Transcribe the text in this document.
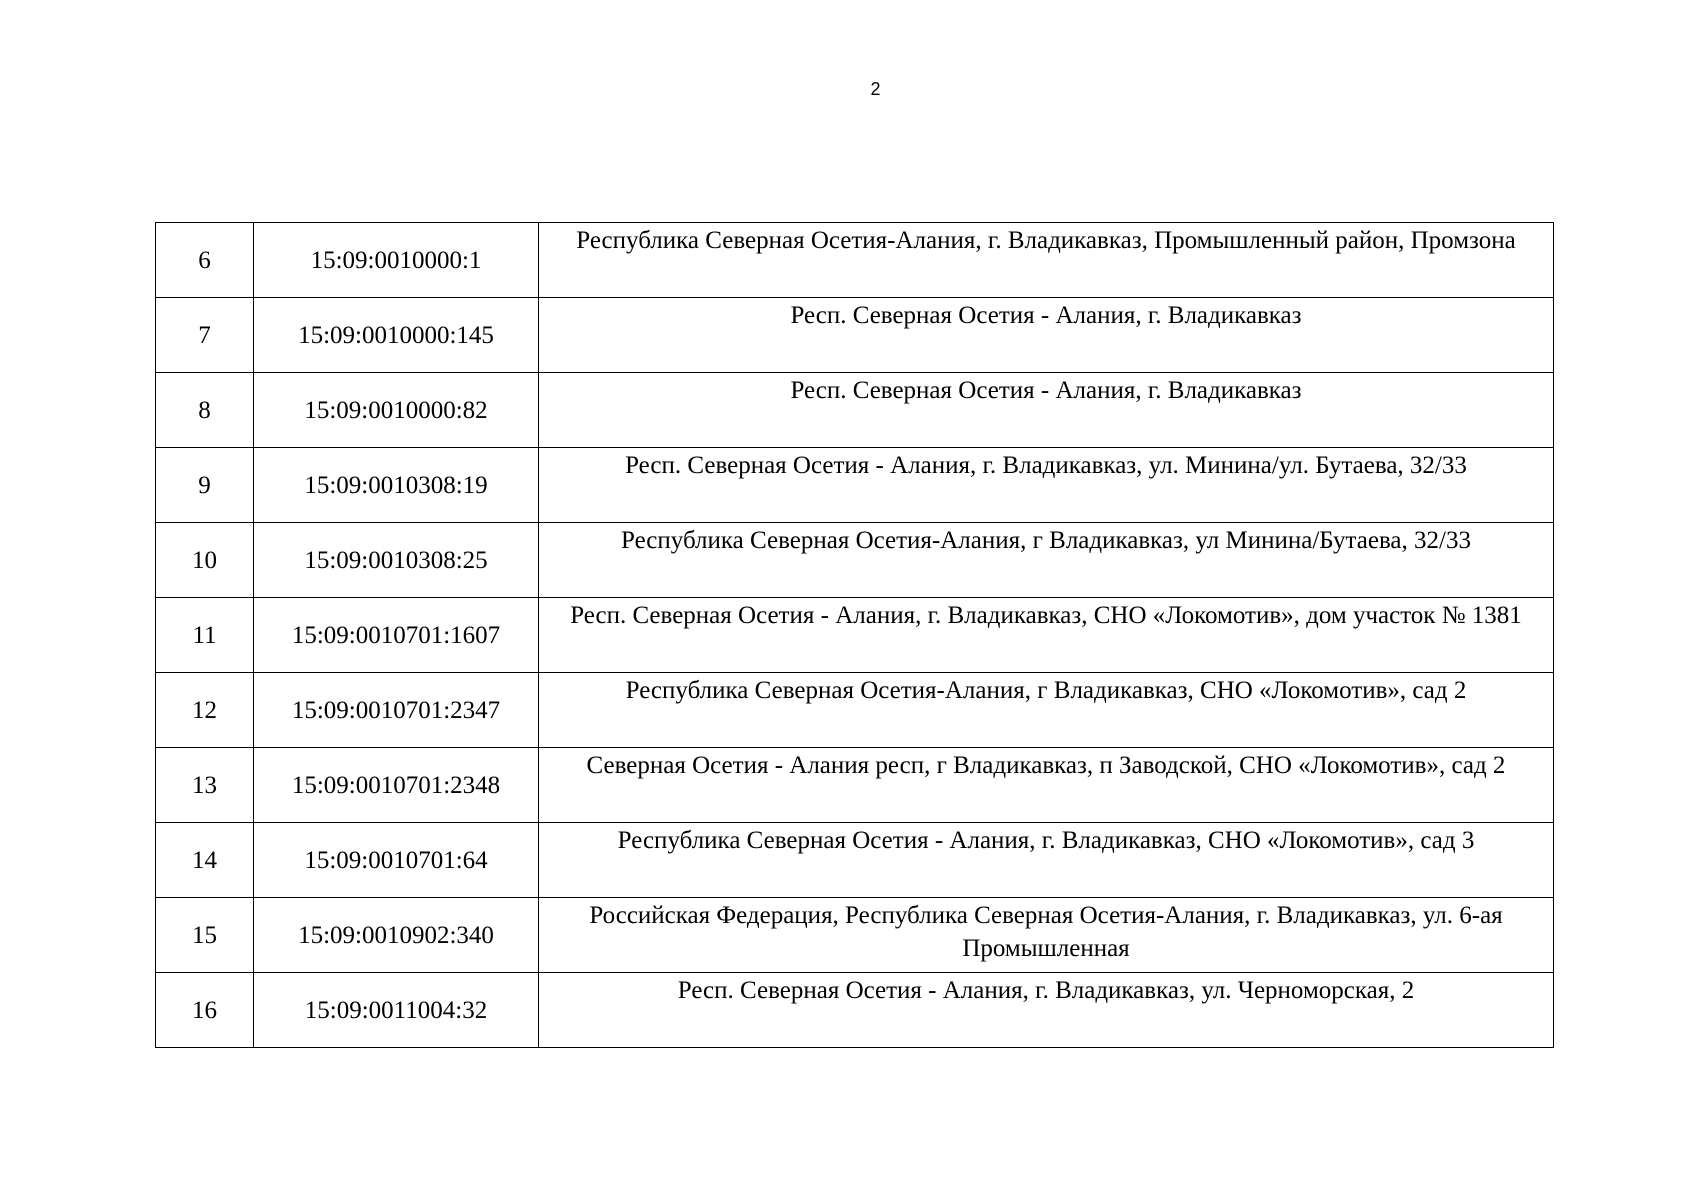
2
6	15:09:0010000:1	Республика Северная Осетия-Алания, г. Владикавказ, Промышленный район, Промзона
7	15:09:0010000:145	Респ. Северная Осетия - Алания, г. Владикавказ
8	15:09:0010000:82	Респ. Северная Осетия - Алания, г. Владикавказ
9	15:09:0010308:19	Респ. Северная Осетия - Алания, г. Владикавказ, ул. Минина/ул. Бутаева, 32/33
10	15:09:0010308:25	Республика Северная Осетия-Алания, г Владикавказ, ул Минина/Бутаева, 32/33
11	15:09:0010701:1607	Респ. Северная Осетия - Алания, г. Владикавказ, СНО «Локомотив», дом участок № 1381
12	15:09:0010701:2347	Республика Северная Осетия-Алания, г Владикавказ, СНО «Локомотив», сад 2
13	15:09:0010701:2348	Северная Осетия - Алания респ, г Владикавказ, п Заводской, СНО «Локомотив», сад 2
14	15:09:0010701:64	Республика Северная Осетия - Алания, г. Владикавказ, СНО «Локомотив», сад 3
15	15:09:0010902:340	Российская Федерация, Республика Северная Осетия-Алания, г. Владикавказ, ул. 6-ая Промышленная
16	15:09:0011004:32	Респ. Северная Осетия - Алания, г. Владикавказ, ул. Черноморская, 2
